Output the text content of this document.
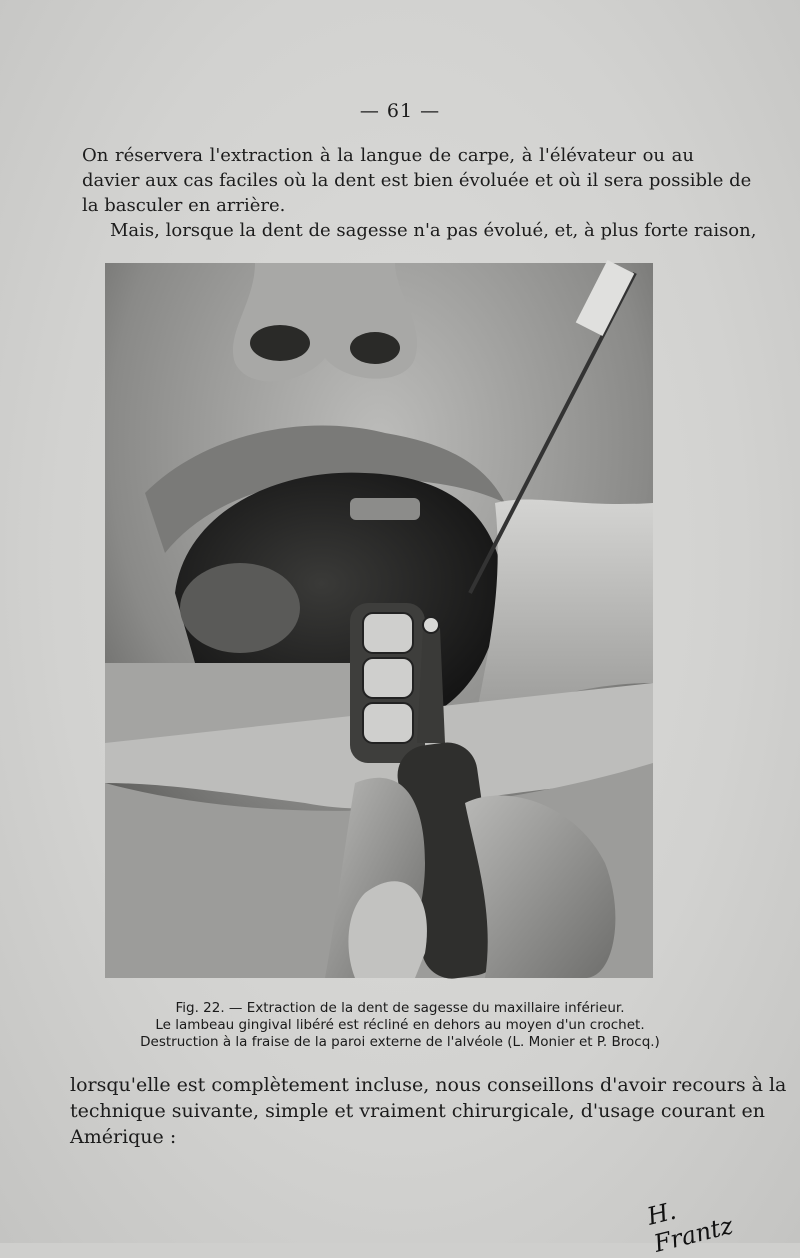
— 61 —
On réservera l'extraction à la langue de carpe, à l'élévateur ou au
davier aux cas faciles où la dent est bien évoluée et où il sera possible de
la basculer en arrière.
Mais, lorsque la dent de sagesse n'a pas évolué, et, à plus forte raison,
H. Frantz
Fig. 22. — Extraction de la dent de sagesse du maxillaire inférieur.
Le lambeau gingival libéré est récliné en dehors au moyen d'un crochet.
Destruction à la fraise de la paroi externe de l'alvéole (L. Monier et P. Brocq.)
lorsqu'elle est complètement incluse, nous conseillons d'avoir recours à la
technique suivante, simple et vraiment chirurgicale, d'usage courant en
Amérique :
